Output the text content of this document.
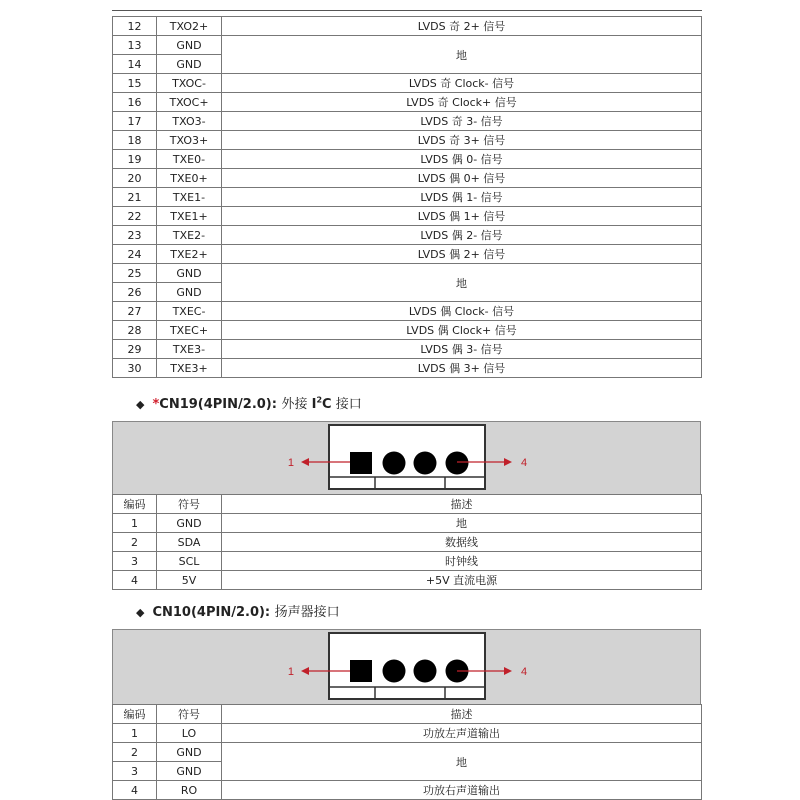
12	TXO2+	LVDS 奇 2+ 信号
13	GND	地
14	GND	
15	TXOC-	LVDS 奇 Clock- 信号
16	TXOC+	LVDS 奇 Clock+ 信号
17	TXO3-	LVDS 奇 3- 信号
18	TXO3+	LVDS 奇 3+ 信号
19	TXE0-	LVDS 偶 0- 信号
20	TXE0+	LVDS 偶 0+ 信号
21	TXE1-	LVDS 偶 1- 信号
22	TXE1+	LVDS 偶 1+ 信号
23	TXE2-	LVDS 偶 2- 信号
24	TXE2+	LVDS 偶 2+ 信号
25	GND	地
26	GND	
27	TXEC-	LVDS 偶 Clock- 信号
28	TXEC+	LVDS 偶 Clock+ 信号
29	TXE3-	LVDS 偶 3- 信号
30	TXE3+	LVDS 偶 3+ 信号
◆ *CN19(4PIN/2.0): 外接 $I^2C$ 接口
1	4
编码	符号	描述
1	GND	地
2	SDA	数据线
3	SCL	时钟线
4	5V	+5V 直流电源
◆ CN10(4PIN/2.0): 扬声器接口
1	4
编码	符号	描述
1	LO	功放左声道输出
2	GND	地
3	GND	
4	RO	功放右声道输出
